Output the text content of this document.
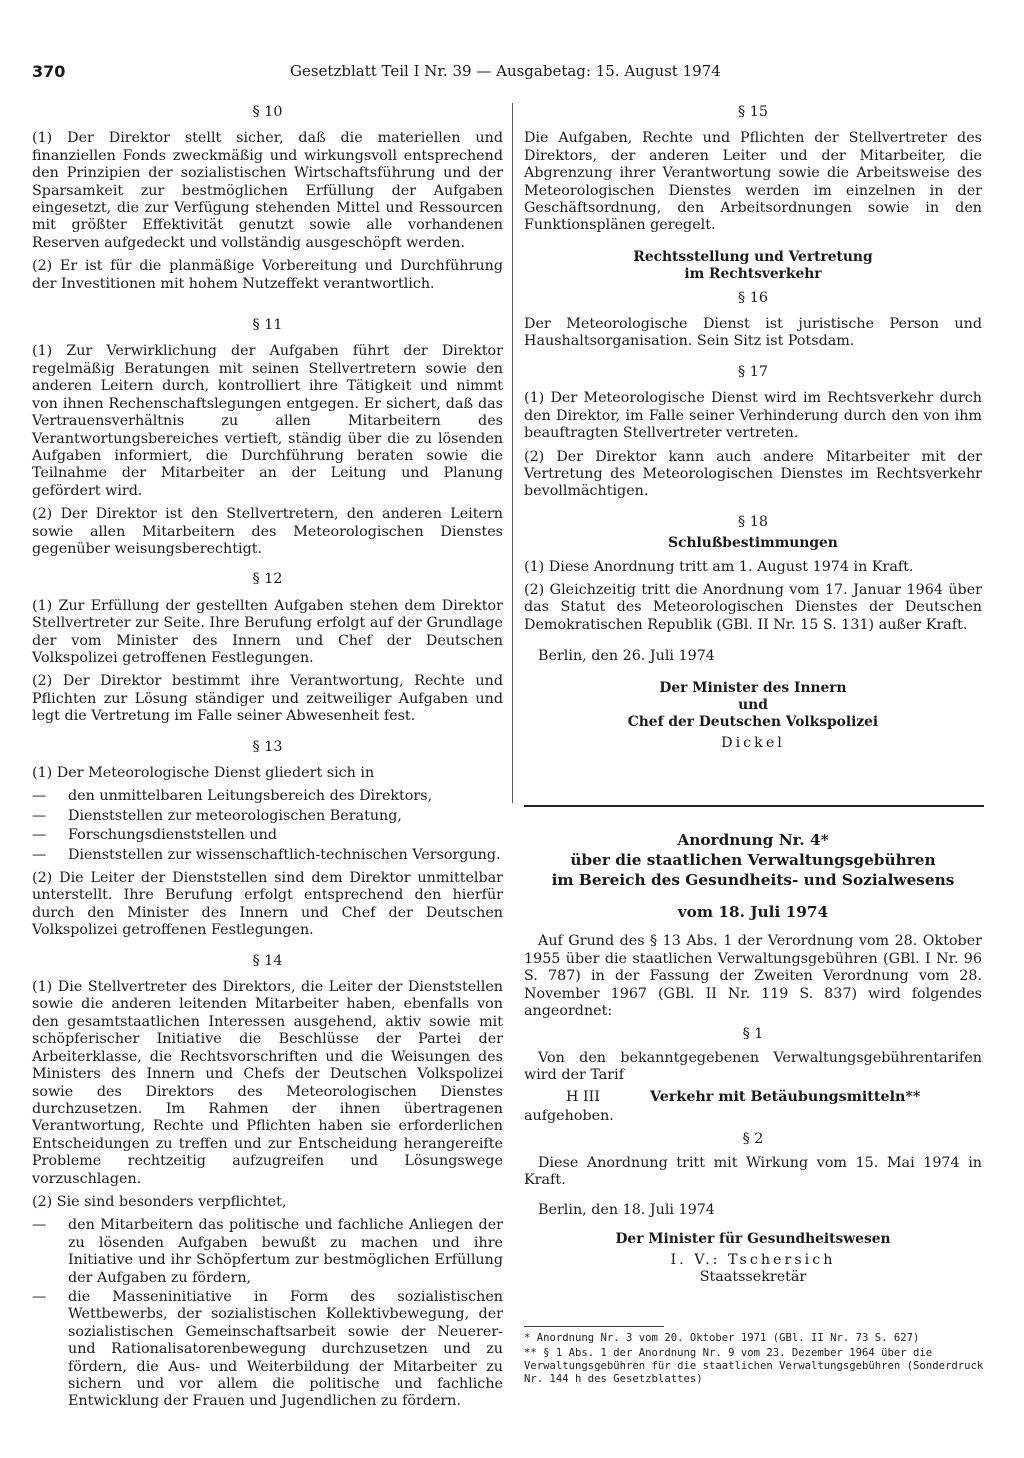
370	Gesetzblatt Teil I Nr. 39 — Ausgabetag: 15. August 1974

§ 10

(1) Der Direktor stellt sicher, daß die materiellen und finanziellen Fonds zweckmäßig und wirkungsvoll entsprechend den Prinzipien der sozialistischen Wirtschaftsführung und der Sparsamkeit zur bestmöglichen Erfüllung der Aufgaben eingesetzt, die zur Verfügung stehenden Mittel und Ressourcen mit größter Effektivität genutzt sowie alle vorhandenen Reserven aufgedeckt und vollständig ausgeschöpft werden.

(2) Er ist für die planmäßige Vorbereitung und Durchführung der Investitionen mit hohem Nutzeffekt verantwortlich.

§ 11

(1) Zur Verwirklichung der Aufgaben führt der Direktor regelmäßig Beratungen mit seinen Stellvertretern sowie den anderen Leitern durch, kontrolliert ihre Tätigkeit und nimmt von ihnen Rechenschaftslegungen entgegen. Er sichert, daß das Vertrauensverhältnis zu allen Mitarbeitern des Verantwortungsbereiches vertieft, ständig über die zu lösenden Aufgaben informiert, die Durchführung beraten sowie die Teilnahme der Mitarbeiter an der Leitung und Planung gefördert wird.

(2) Der Direktor ist den Stellvertretern, den anderen Leitern sowie allen Mitarbeitern des Meteorologischen Dienstes gegenüber weisungsberechtigt.

§ 12

(1) Zur Erfüllung der gestellten Aufgaben stehen dem Direktor Stellvertreter zur Seite. Ihre Berufung erfolgt auf der Grundlage der vom Minister des Innern und Chef der Deutschen Volkspolizei getroffenen Festlegungen.

(2) Der Direktor bestimmt ihre Verantwortung, Rechte und Pflichten zur Lösung ständiger und zeitweiliger Aufgaben und legt die Vertretung im Falle seiner Abwesenheit fest.

§ 13

(1) Der Meteorologische Dienst gliedert sich in

— den unmittelbaren Leitungsbereich des Direktors,
— Dienststellen zur meteorologischen Beratung,
— Forschungsdienststellen und
— Dienststellen zur wissenschaftlich-technischen Versorgung.

(2) Die Leiter der Dienststellen sind dem Direktor unmittelbar unterstellt. Ihre Berufung erfolgt entsprechend den hierfür durch den Minister des Innern und Chef der Deutschen Volkspolizei getroffenen Festlegungen.

§ 14

(1) Die Stellvertreter des Direktors, die Leiter der Dienststellen sowie die anderen leitenden Mitarbeiter haben, ebenfalls von den gesamtstaatlichen Interessen ausgehend, aktiv sowie mit schöpferischer Initiative die Beschlüsse der Partei der Arbeiterklasse, die Rechtsvorschriften und die Weisungen des Ministers des Innern und Chefs der Deutschen Volkspolizei sowie des Direktors des Meteorologischen Dienstes durchzusetzen. Im Rahmen der ihnen übertragenen Verantwortung, Rechte und Pflichten haben sie erforderlichen Entscheidungen zu treffen und zur Entscheidung herangereifte Probleme rechtzeitig aufzugreifen und Lösungswege vorzuschlagen.

(2) Sie sind besonders verpflichtet,

— den Mitarbeitern das politische und fachliche Anliegen der zu lösenden Aufgaben bewußt zu machen und ihre Initiative und ihr Schöpfertum zur bestmöglichen Erfüllung der Aufgaben zu fördern,
— die Masseninitiative in Form des sozialistischen Wettbewerbs, der sozialistischen Kollektivbewegung, der sozialistischen Gemeinschaftsarbeit sowie der Neuerer- und Rationalisatorenbewegung durchzusetzen und zu fördern, die Aus- und Weiterbildung der Mitarbeiter zu sichern und vor allem die politische und fachliche Entwicklung der Frauen und Jugendlichen zu fördern.

§ 15

Die Aufgaben, Rechte und Pflichten der Stellvertreter des Direktors, der anderen Leiter und der Mitarbeiter, die Abgrenzung ihrer Verantwortung sowie die Arbeitsweise des Meteorologischen Dienstes werden im einzelnen in der Geschäftsordnung, den Arbeitsordnungen sowie in den Funktionsplänen geregelt.

Rechtsstellung und Vertretung
im Rechtsverkehr

§ 16

Der Meteorologische Dienst ist juristische Person und Haushaltsorganisation. Sein Sitz ist Potsdam.

§ 17

(1) Der Meteorologische Dienst wird im Rechtsverkehr durch den Direktor, im Falle seiner Verhinderung durch den von ihm beauftragten Stellvertreter vertreten.

(2) Der Direktor kann auch andere Mitarbeiter mit der Vertretung des Meteorologischen Dienstes im Rechtsverkehr bevollmächtigen.

§ 18

Schlußbestimmungen

(1) Diese Anordnung tritt am 1. August 1974 in Kraft.

(2) Gleichzeitig tritt die Anordnung vom 17. Januar 1964 über das Statut des Meteorologischen Dienstes der Deutschen Demokratischen Republik (GBl. II Nr. 15 S. 131) außer Kraft.

Berlin, den 26. Juli 1974

Der Minister des Innern

und

Chef der Deutschen Volkspolizei

Dickel

Anordnung Nr. 4*

über die staatlichen Verwaltungsgebühren

im Bereich des Gesundheits- und Sozialwesens

vom 18. Juli 1974

Auf Grund des § 13 Abs. 1 der Verordnung vom 28. Oktober 1955 über die staatlichen Verwaltungsgebühren (GBl. I Nr. 96 S. 787) in der Fassung der Zweiten Verordnung vom 28. November 1967 (GBl. II Nr. 119 S. 837) wird folgendes angeordnet:

§ 1

Von den bekanntgegebenen Verwaltungsgebührentarifen wird der Tarif

H III	Verkehr mit Betäubungsmitteln**

aufgehoben.

§ 2

Diese Anordnung tritt mit Wirkung vom 15. Mai 1974 in Kraft.

Berlin, den 18. Juli 1974

Der Minister für Gesundheitswesen

I. V.: Tschersich

Staatssekretär

* Anordnung Nr. 3 vom 20. Oktober 1971 (GBl. II Nr. 73 S. 627)

** § 1 Abs. 1 der Anordnung Nr. 9 vom 23. Dezember 1964 über die Verwaltungsgebühren für die staatlichen Verwaltungsgebühren (Sonderdruck Nr. 144 h des Gesetzblattes)
